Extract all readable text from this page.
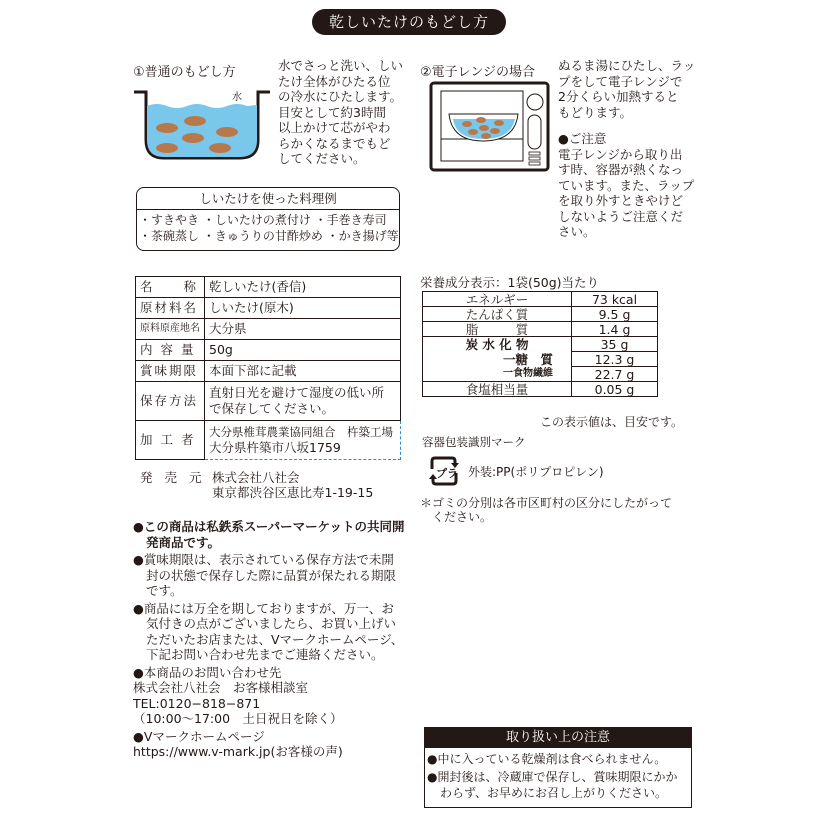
乾しいたけのもどし方
①普通のもどし方
水

水でさっと洗い、しい

たけ全体がひたる位

の冷水にひたします。

目安として約3時間

以上かけて芯がやわ

らかくなるまでもど

してください。

②電子レンジの場合 ぬるま湯にひたし、ラッ

プをして電子レンジで

2分くらい加熱すると

もどります。

●ご注意

電子レンジから取り出

す時、容器が熱くなっ

ています。また、ラップ

を取り外すときやけど

しないようご注意くだ

さい。

しいたけを使った料理例
・すきやき ・しいたけの煮付け ・手巻き寿司
・茶碗蒸し ・きゅうりの甘酢炒め ・かき揚げ等
名　　称	乾しいたけ(香信)
原材料名	しいたけ(原木)
原料原産地名	大分県
内 容 量	50g
賞味期限	本面下部に記載
保存方法	直射日光を避けて湿度の低い所で保存してください。
加 工 者	大分県椎茸農業協同組合　杵築工場
大分県杵築市八坂1759
発 売 元 株式会社八社会
東京都渋谷区恵比寿1-19-15
●この商品は私鉄系スーパーマーケットの共同開発商品です。
●賞味期限は、表示されている保存方法で未開封の状態で保存した際に品質が保たれる期限です。
●商品には万全を期しておりますが、万一、お気付きの点がございましたら、お買い上げいただいたお店または、Vマークホームページ、下記お問い合わせ先までご連絡ください。
●本商品のお問い合わせ先
株式会社八社会　お客様相談室
TEL:0120−818−871
（10:00〜17:00　土日祝日を除く）
●Vマークホームページ
https://www.v-mark.jp(お客様の声)
栄養成分表示：1袋(50g)当たり
エネルギー	73 kcal
たんぱく質	9.5 g
脂　　　質	1.4 g
炭 水 化 物	35 g
一糖　質	12.3 g
一食物繊維	22.7 g
食塩相当量	0.05 g
この表示値は、目安です。
容器包装識別マーク
プラ 外装:PP(ポリプロピレン)
＊ゴミの分別は各市区町村の区分にしたがって
　ください。
取り扱い上の注意
●中に入っている乾燥剤は食べられません。
●開封後は、冷蔵庫で保存し、賞味期限にかかわらず、お早めにお召し上がりください。
